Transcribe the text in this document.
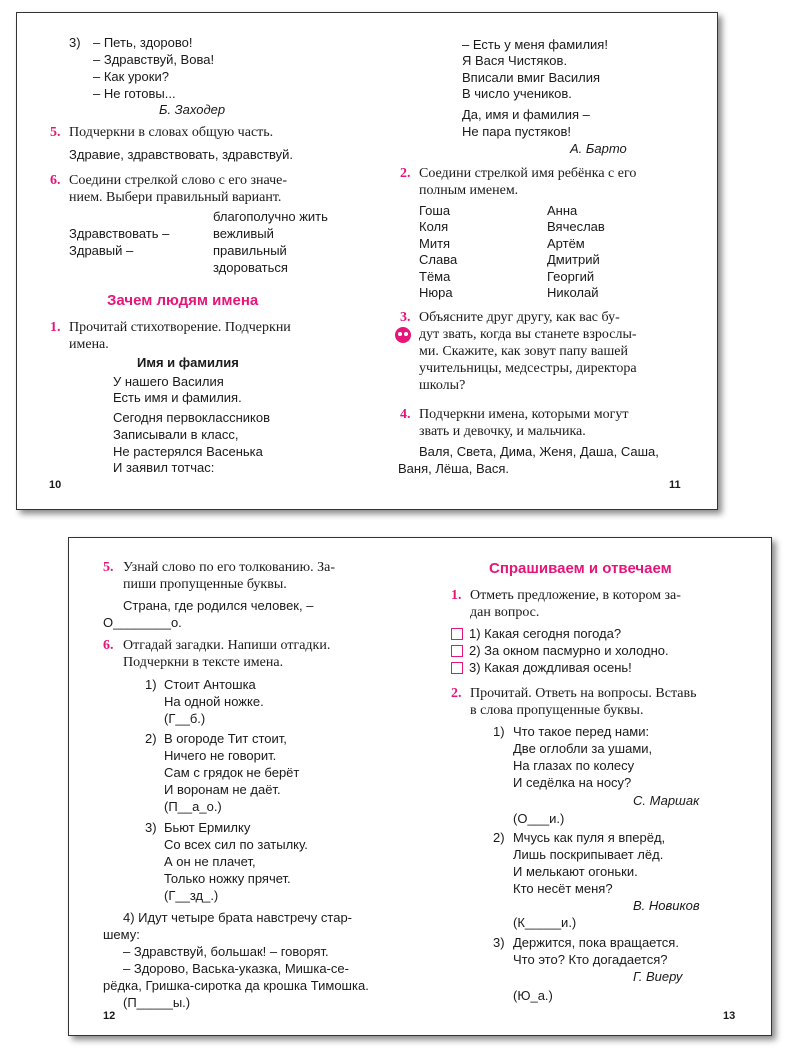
3) – Петь, здорово!
– Здравствуй, Вова!
– Как уроки?
– Не готовы...
Б. Заходер
5. Подчеркни в словах общую часть.
Здравие, здравствовать, здравствуй.
6. Соедини стрелкой слово с его значе-
нием. Выбери правильный вариант.
благополучно жить
вежливый
Здравствовать –
правильный
Здравый –
здороваться
Зачем людям имена
1. Прочитай стихотворение. Подчеркни
имена.
Имя и фамилия
У нашего Василия
Есть имя и фамилия.
Сегодня первоклассников
Записывали в класс,
Не растерялся Васенька
И заявил тотчас:
10
– Есть у меня фамилия!
Я Вася Чистяков.
Вписали вмиг Василия
В число учеников.
Да, имя и фамилия –
Не пара пустяков!
А. Барто
2. Соедини стрелкой имя ребёнка с его
полным именем.
Гоша
Коля
Митя
Слава
Тёма
Нюра
Анна
Вячеслав
Артём
Дмитрий
Георгий
Николай
3. Объясните друг другу, как вас бу-
дут звать, когда вы станете взрослы-
ми. Скажите, как зовут папу вашей
учительницы, медсестры, директора
школы?
4. Подчеркни имена, которыми могут
звать и девочку, и мальчика.
Валя, Света, Дима, Женя, Даша, Саша,
Ваня, Лёша, Вася.
11
5. Узнай слово по его толкованию. За-
пиши пропущенные буквы.
Страна, где родился человек, –
О________о.
6. Отгадай загадки. Напиши отгадки.
Подчеркни в тексте имена.
1) Стоит Антошка
На одной ножке.
(Г__б.)
2) В огороде Тит стоит,
Ничего не говорит.
Сам с грядок не берёт
И воронам не даёт.
(П__а_о.)
3) Бьют Ермилку
Со всех сил по затылку.
А он не плачет,
Только ножку прячет.
(Г__зд_.)
4) Идут четыре брата навстречу стар-
шему:
– Здравствуй, большак! – говорят.
– Здорово, Васька-указка, Мишка-се-
рёдка, Гришка-сиротка да крошка Тимошка.
(П_____ы.)
12
Спрашиваем и отвечаем
1. Отметь предложение, в котором за-
дан вопрос.
1) Какая сегодня погода?
2) За окном пасмурно и холодно.
3) Какая дождливая осень!
2. Прочитай. Ответь на вопросы. Вставь
в слова пропущенные буквы.
1) Что такое перед нами:
Две оглобли за ушами,
На глазах по колесу
И седёлка на носу?
С. Маршак
(О___и.)
2) Мчусь как пуля я вперёд,
Лишь поскрипывает лёд.
И мелькают огоньки.
Кто несёт меня?
В. Новиков
(К_____и.)
3) Держится, пока вращается.
Что это? Кто догадается?
Г. Виеру
(Ю_а.)
13
